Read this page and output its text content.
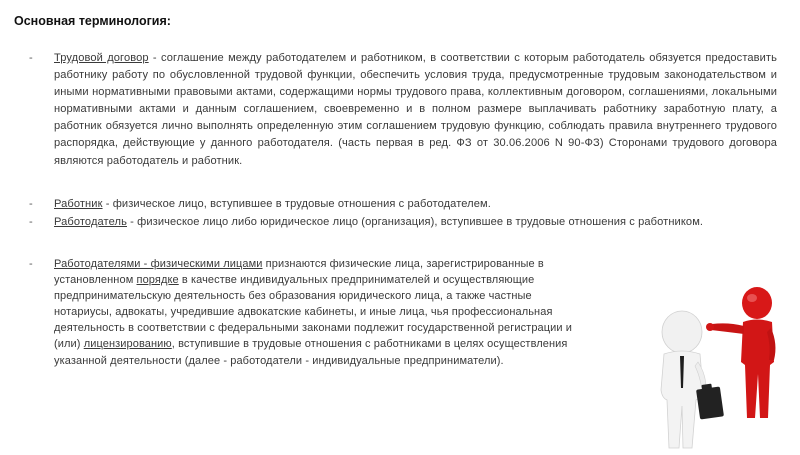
Основная терминология:
- Трудовой договор - соглашение между работодателем и работником, в соответствии с которым работодатель обязуется предоставить работнику работу по обусловленной трудовой функции, обеспечить условия труда, предусмотренные трудовым законодательством и иными нормативными правовыми актами, содержащими нормы трудового права, коллективным договором, соглашениями, локальными нормативными актами и данным соглашением, своевременно и в полном размере выплачивать работнику заработную плату, а работник обязуется лично выполнять определенную этим соглашением трудовую функцию, соблюдать правила внутреннего трудового распорядка, действующие у данного работодателя. (часть первая в ред. ФЗ от 30.06.2006 N 90-ФЗ) Сторонами трудового договора являются работодатель и работник.
- Работник - физическое лицо, вступившее в трудовые отношения с работодателем.
- Работодатель - физическое лицо либо юридическое лицо (организация), вступившее в трудовые отношения с работником.
- Работодателями - физическими лицами признаются физические лица, зарегистрированные в установленном порядке в качестве индивидуальных предпринимателей и осуществляющие предпринимательскую деятельность без образования юридического лица, а также частные нотариусы, адвокаты, учредившие адвокатские кабинеты, и иные лица, чья профессиональная деятельность в соответствии с федеральными законами подлежит государственной регистрации и (или) лицензированию, вступившие в трудовые отношения с работниками в целях осуществления указанной деятельности (далее - работодатели - индивидуальные предприниматели).
